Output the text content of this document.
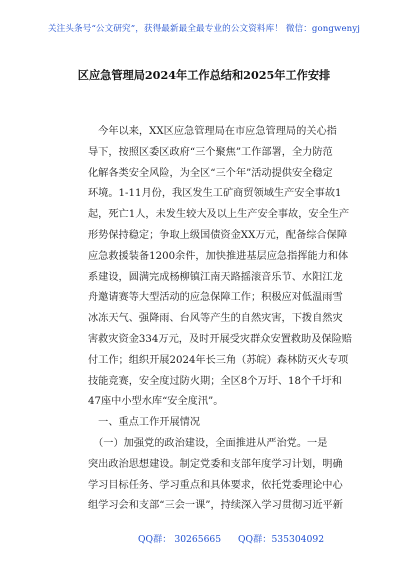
关注头条号“公文研究”，获得最新最全最专业的公文资料库！ 微信：gongwenyj
区应急管理局2024年工作总结和2025年工作安排
　今年以来，XX区应急管理局在市应急管理局的关心指
导下，按照区委区政府“三个聚焦”工作部署，全力防范
化解各类安全风险，为全区“三个年”活动提供安全稳定
环境。1-11月份，我区发生工矿商贸领域生产安全事故1
起，死亡1人，未发生较大及以上生产安全事故，安全生产
形势保持稳定；争取上级国债资金XX万元，配备综合保障
应急救援装备1200余件，加快推进基层应急指挥能力和体
系建设，圆满完成杨柳镇江南天路摇滚音乐节、水阳江龙
舟邀请赛等大型活动的应急保障工作；积极应对低温雨雪
冰冻天气、强降雨、台风等产生的自然灾害，下拨自然灾
害救灾资金334万元，及时开展受灾群众安置救助及保险赔
付工作；组织开展2024年长三角（苏皖）森林防灭火专项
技能竞赛，安全度过防火期；全区8个万圩、18个千圩和
47座中小型水库“安全度汛”。
　一、重点工作开展情况
　（一）加强党的政治建设，全面推进从严治党。一是
突出政治思想建设。制定党委和支部年度学习计划，明确
学习目标任务、学习重点和具体要求，依托党委理论中心
组学习会和支部“三会一课”，持续深入学习贯彻习近平新
QQ群： 30265665 QQ群：535304092
